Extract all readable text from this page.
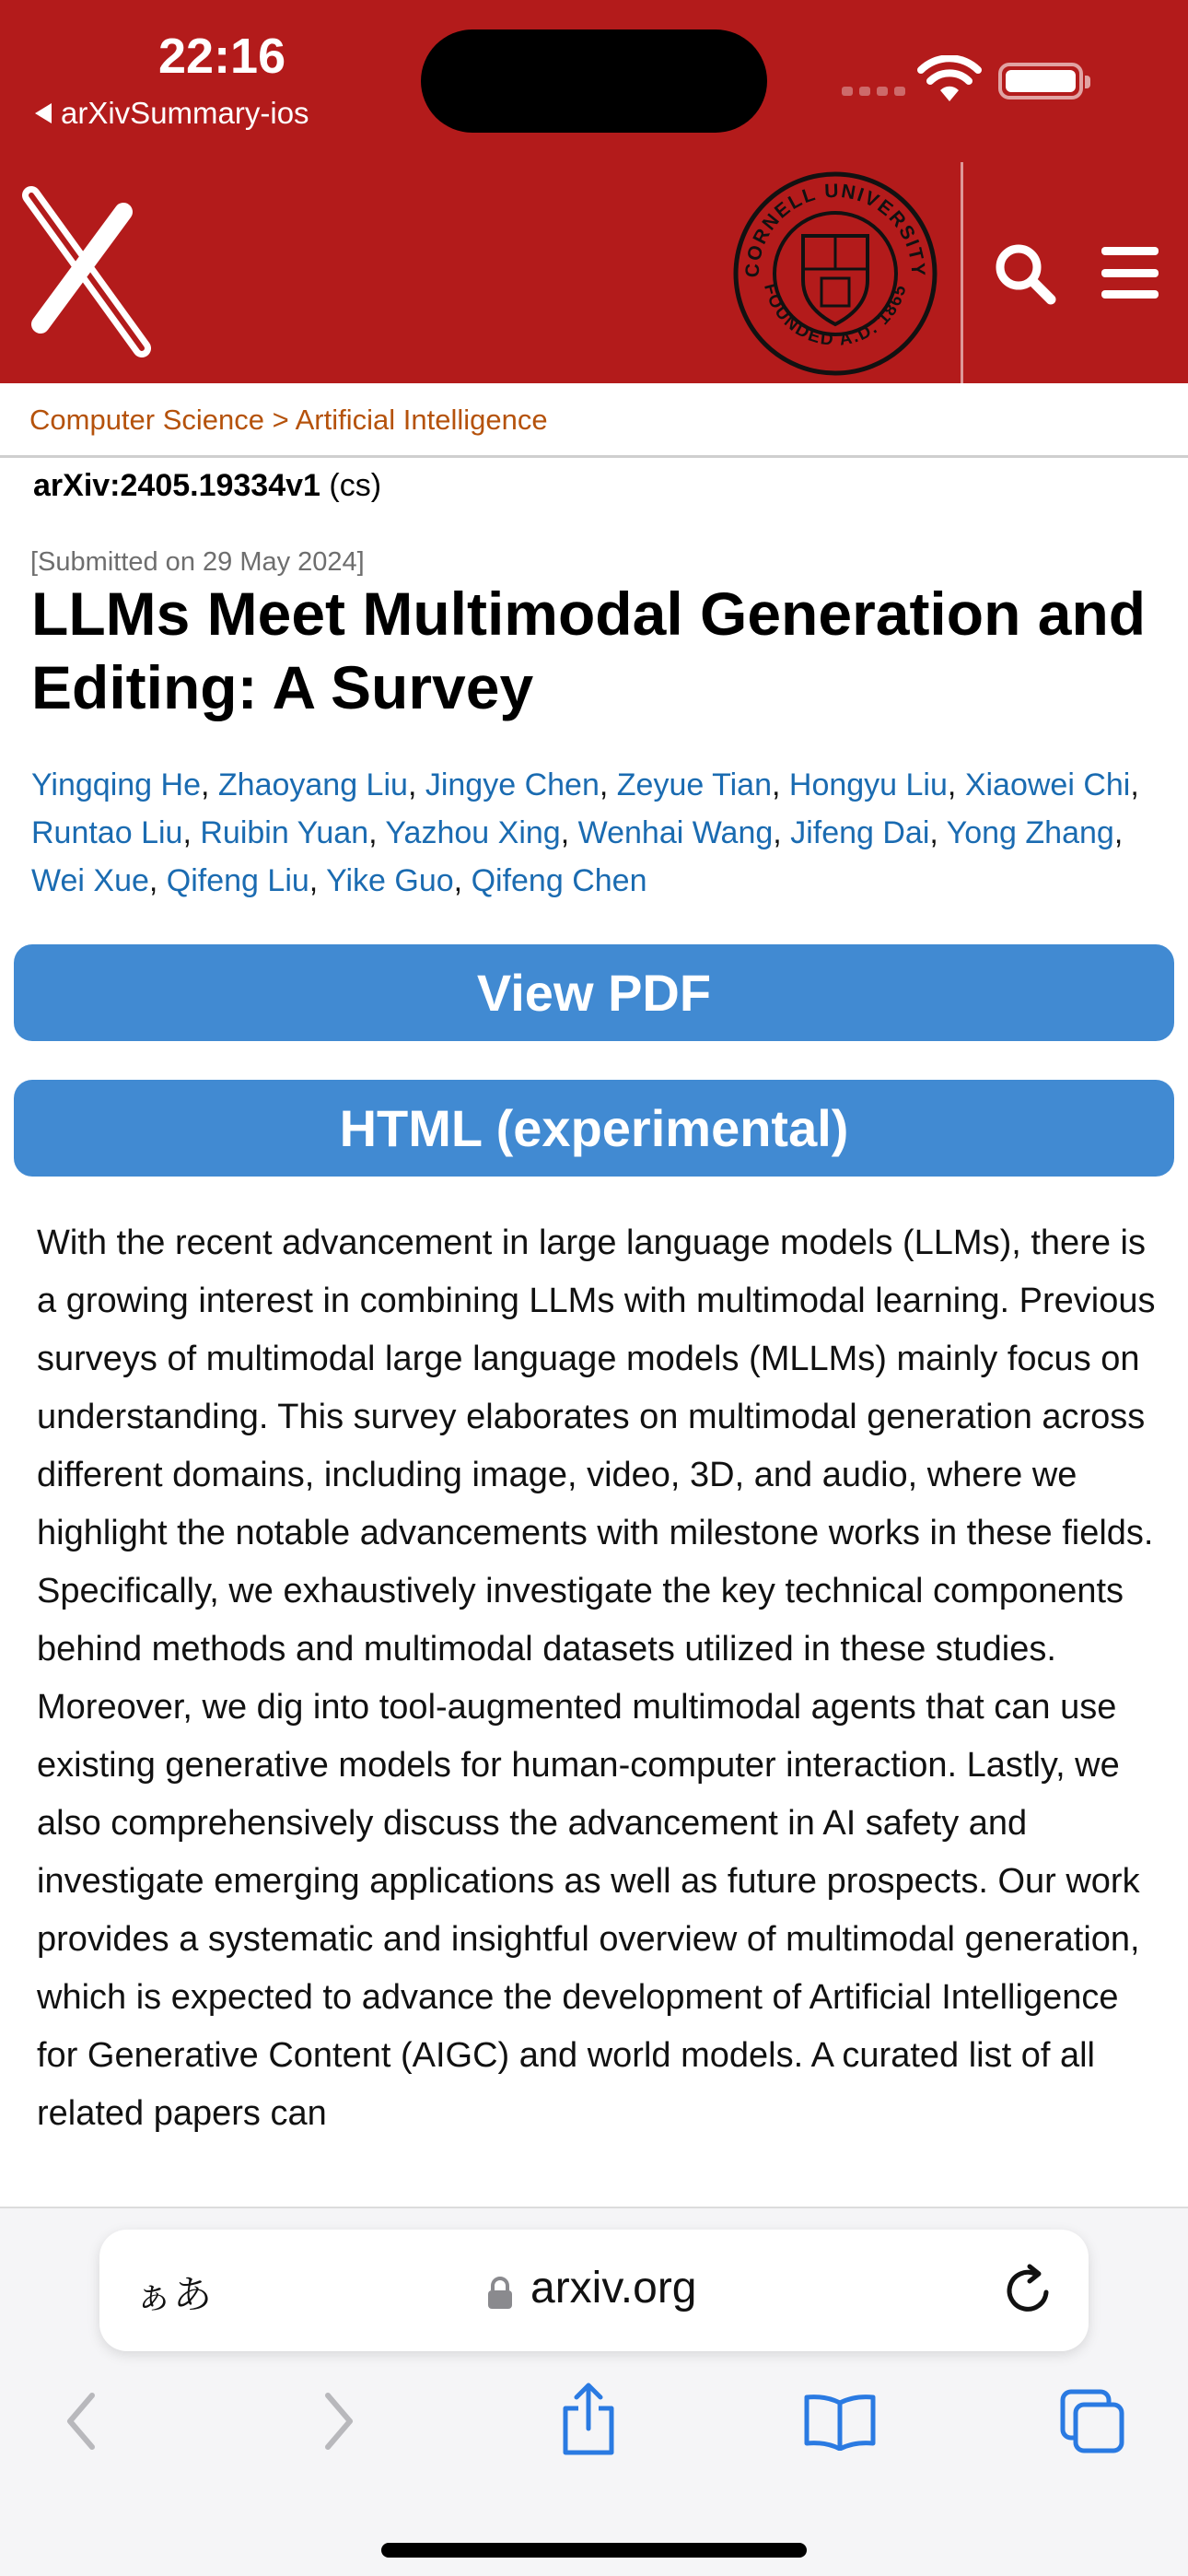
22:16
arXivSummary-ios
CORNELL UNIVERSITY
FOUNDED A.D. 1865
Computer Science > Artificial Intelligence
arXiv:2405.19334v1 (cs)
[Submitted on 29 May 2024]
LLMs Meet Multimodal Generation and Editing: A Survey
Yingqing He, Zhaoyang Liu, Jingye Chen, Zeyue Tian, Hongyu Liu, Xiaowei Chi, Runtao Liu, Ruibin Yuan, Yazhou Xing, Wenhai Wang, Jifeng Dai, Yong Zhang, Wei Xue, Qifeng Liu, Yike Guo, Qifeng Chen
View PDF
HTML (experimental)
With the recent advancement in large language models (LLMs), there is a growing interest in combining LLMs with multimodal learning. Previous surveys of multimodal large language models (MLLMs) mainly focus on understanding. This survey elaborates on multimodal generation across different domains, including image, video, 3D, and audio, where we highlight the notable advancements with milestone works in these fields. Specifically, we exhaustively investigate the key technical components behind methods and multimodal datasets utilized in these studies. Moreover, we dig into tool-augmented multimodal agents that can use existing generative models for human-computer interaction. Lastly, we also comprehensively discuss the advancement in AI safety and investigate emerging applications as well as future prospects. Our work provides a systematic and insightful overview of multimodal generation, which is expected to advance the development of Artificial Intelligence for Generative Content (AIGC) and world models. A curated list of all related papers can
ぁあ	arxiv.org
